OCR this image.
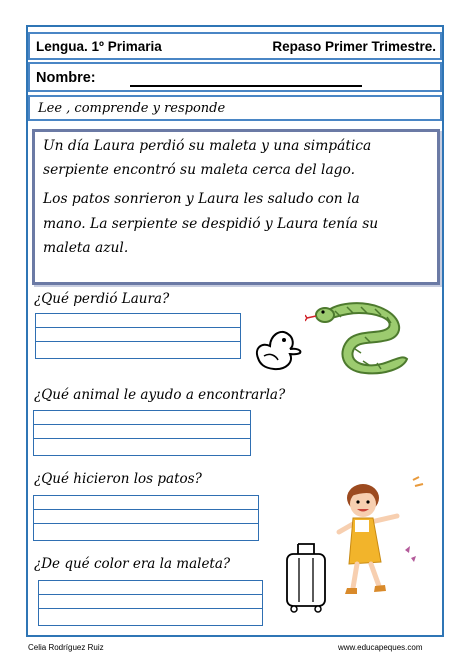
Lengua. 1º Primaria	Repaso Primer Trimestre.
Nombre:
Lee , comprende y responde

Un día Laura perdió su maleta y una simpática

serpiente encontró su maleta cerca del lago.

Los patos sonrieron y Laura les saludo con la

mano. La serpiente se despidió y Laura tenía su

maleta azul.

¿Qué perdió Laura?
¿Qué animal le ayudo a encontrarla?
¿Qué hicieron los patos?
¿De qué color era la maleta?
Celia Rodríguez Ruiz	www.educapeques.com
